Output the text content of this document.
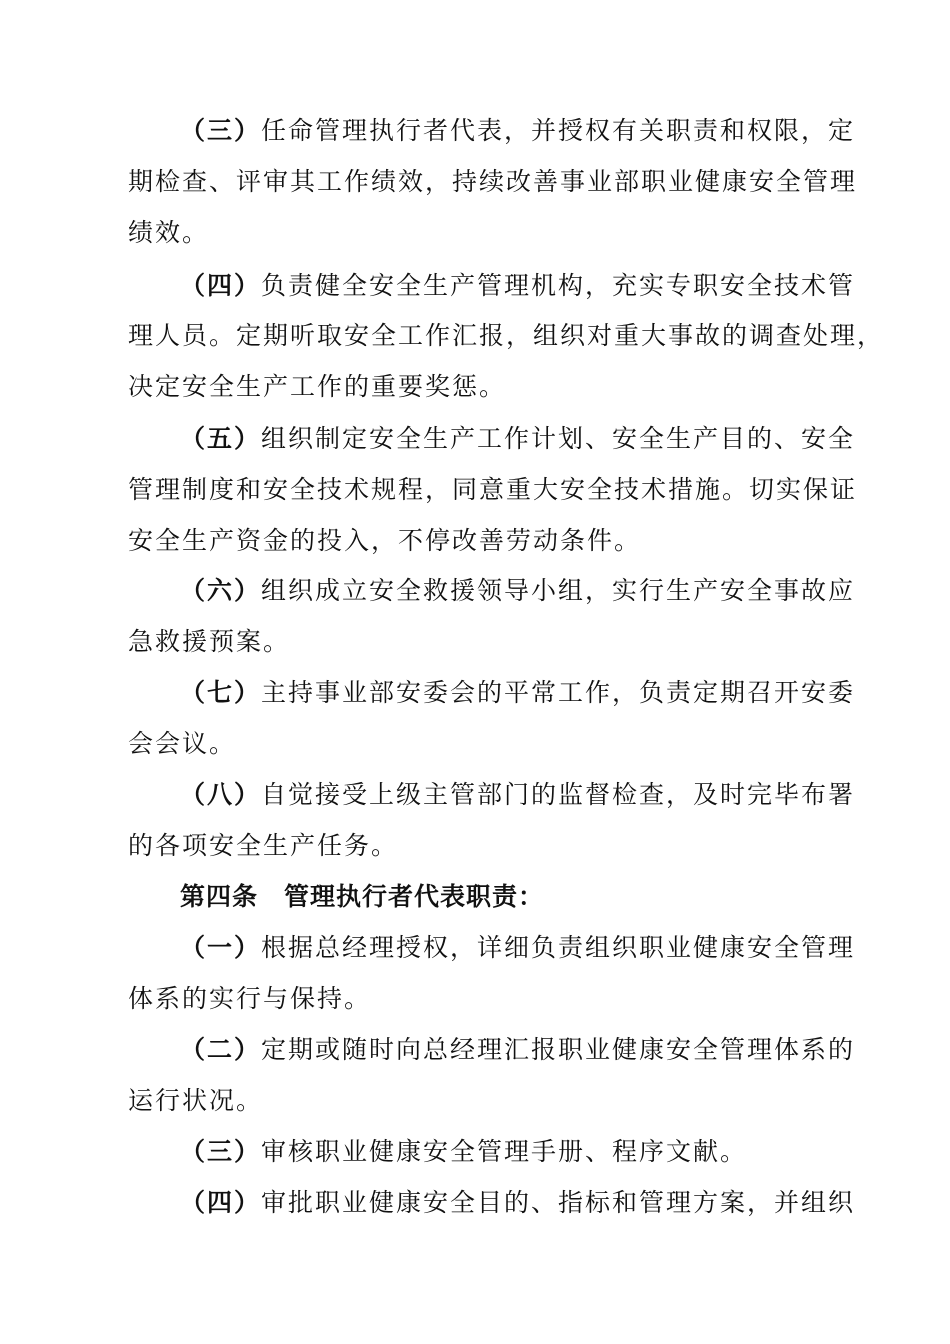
（三）任命管理执行者代表，并授权有关职责和权限，定
期检查、评审其工作绩效，持续改善事业部职业健康安全管理
绩效。
（四）负责健全安全生产管理机构，充实专职安全技术管
理人员。定期听取安全工作汇报，组织对重大事故的调查处理，
决定安全生产工作的重要奖惩。
（五）组织制定安全生产工作计划、安全生产目的、安全
管理制度和安全技术规程，同意重大安全技术措施。切实保证
安全生产资金的投入，不停改善劳动条件。
（六）组织成立安全救援领导小组，实行生产安全事故应
急救援预案。
（七）主持事业部安委会的平常工作，负责定期召开安委
会会议。
（八）自觉接受上级主管部门的监督检查，及时完毕布署
的各项安全生产任务。
第四条　管理执行者代表职责：
（一）根据总经理授权，详细负责组织职业健康安全管理
体系的实行与保持。
（二）定期或随时向总经理汇报职业健康安全管理体系的
运行状况。
（三）审核职业健康安全管理手册、程序文献。
（四）审批职业健康安全目的、指标和管理方案，并组织
